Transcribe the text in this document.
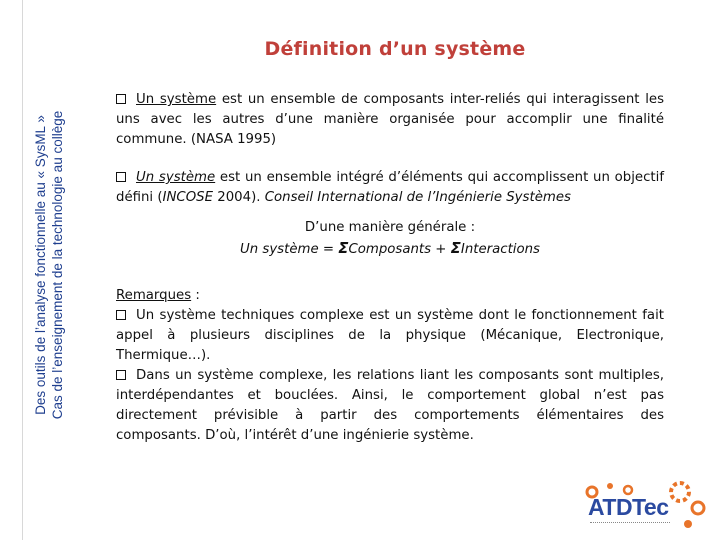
Des outils de l’analyse fonctionnelle au « SysML » Cas de l’enseignement de la technologie au collège
Définition d’un système

Un système est un ensemble de composants inter-reliés qui interagissent les uns avec les autres d’une manière organisée pour accomplir une finalité commune. (NASA 1995)

Un système est un ensemble intégré d’éléments qui accomplissent un objectif défini (INCOSE 2004). Conseil International de l’Ingénierie Systèmes

D’une manière générale :

Un système = ΣComposants + ΣInteractions

Remarques :

Un système techniques complexe est un système dont le fonctionnement fait appel à plusieurs disciplines de la physique (Mécanique, Electronique, Thermique…).

Dans un système complexe, les relations liant les composants sont multiples, interdépendantes et bouclées. Ainsi, le comportement global n’est pas directement prévisible à partir des comportements élémentaires des composants. D’où, l’intérêt d’une ingénierie système.

ATDTec
